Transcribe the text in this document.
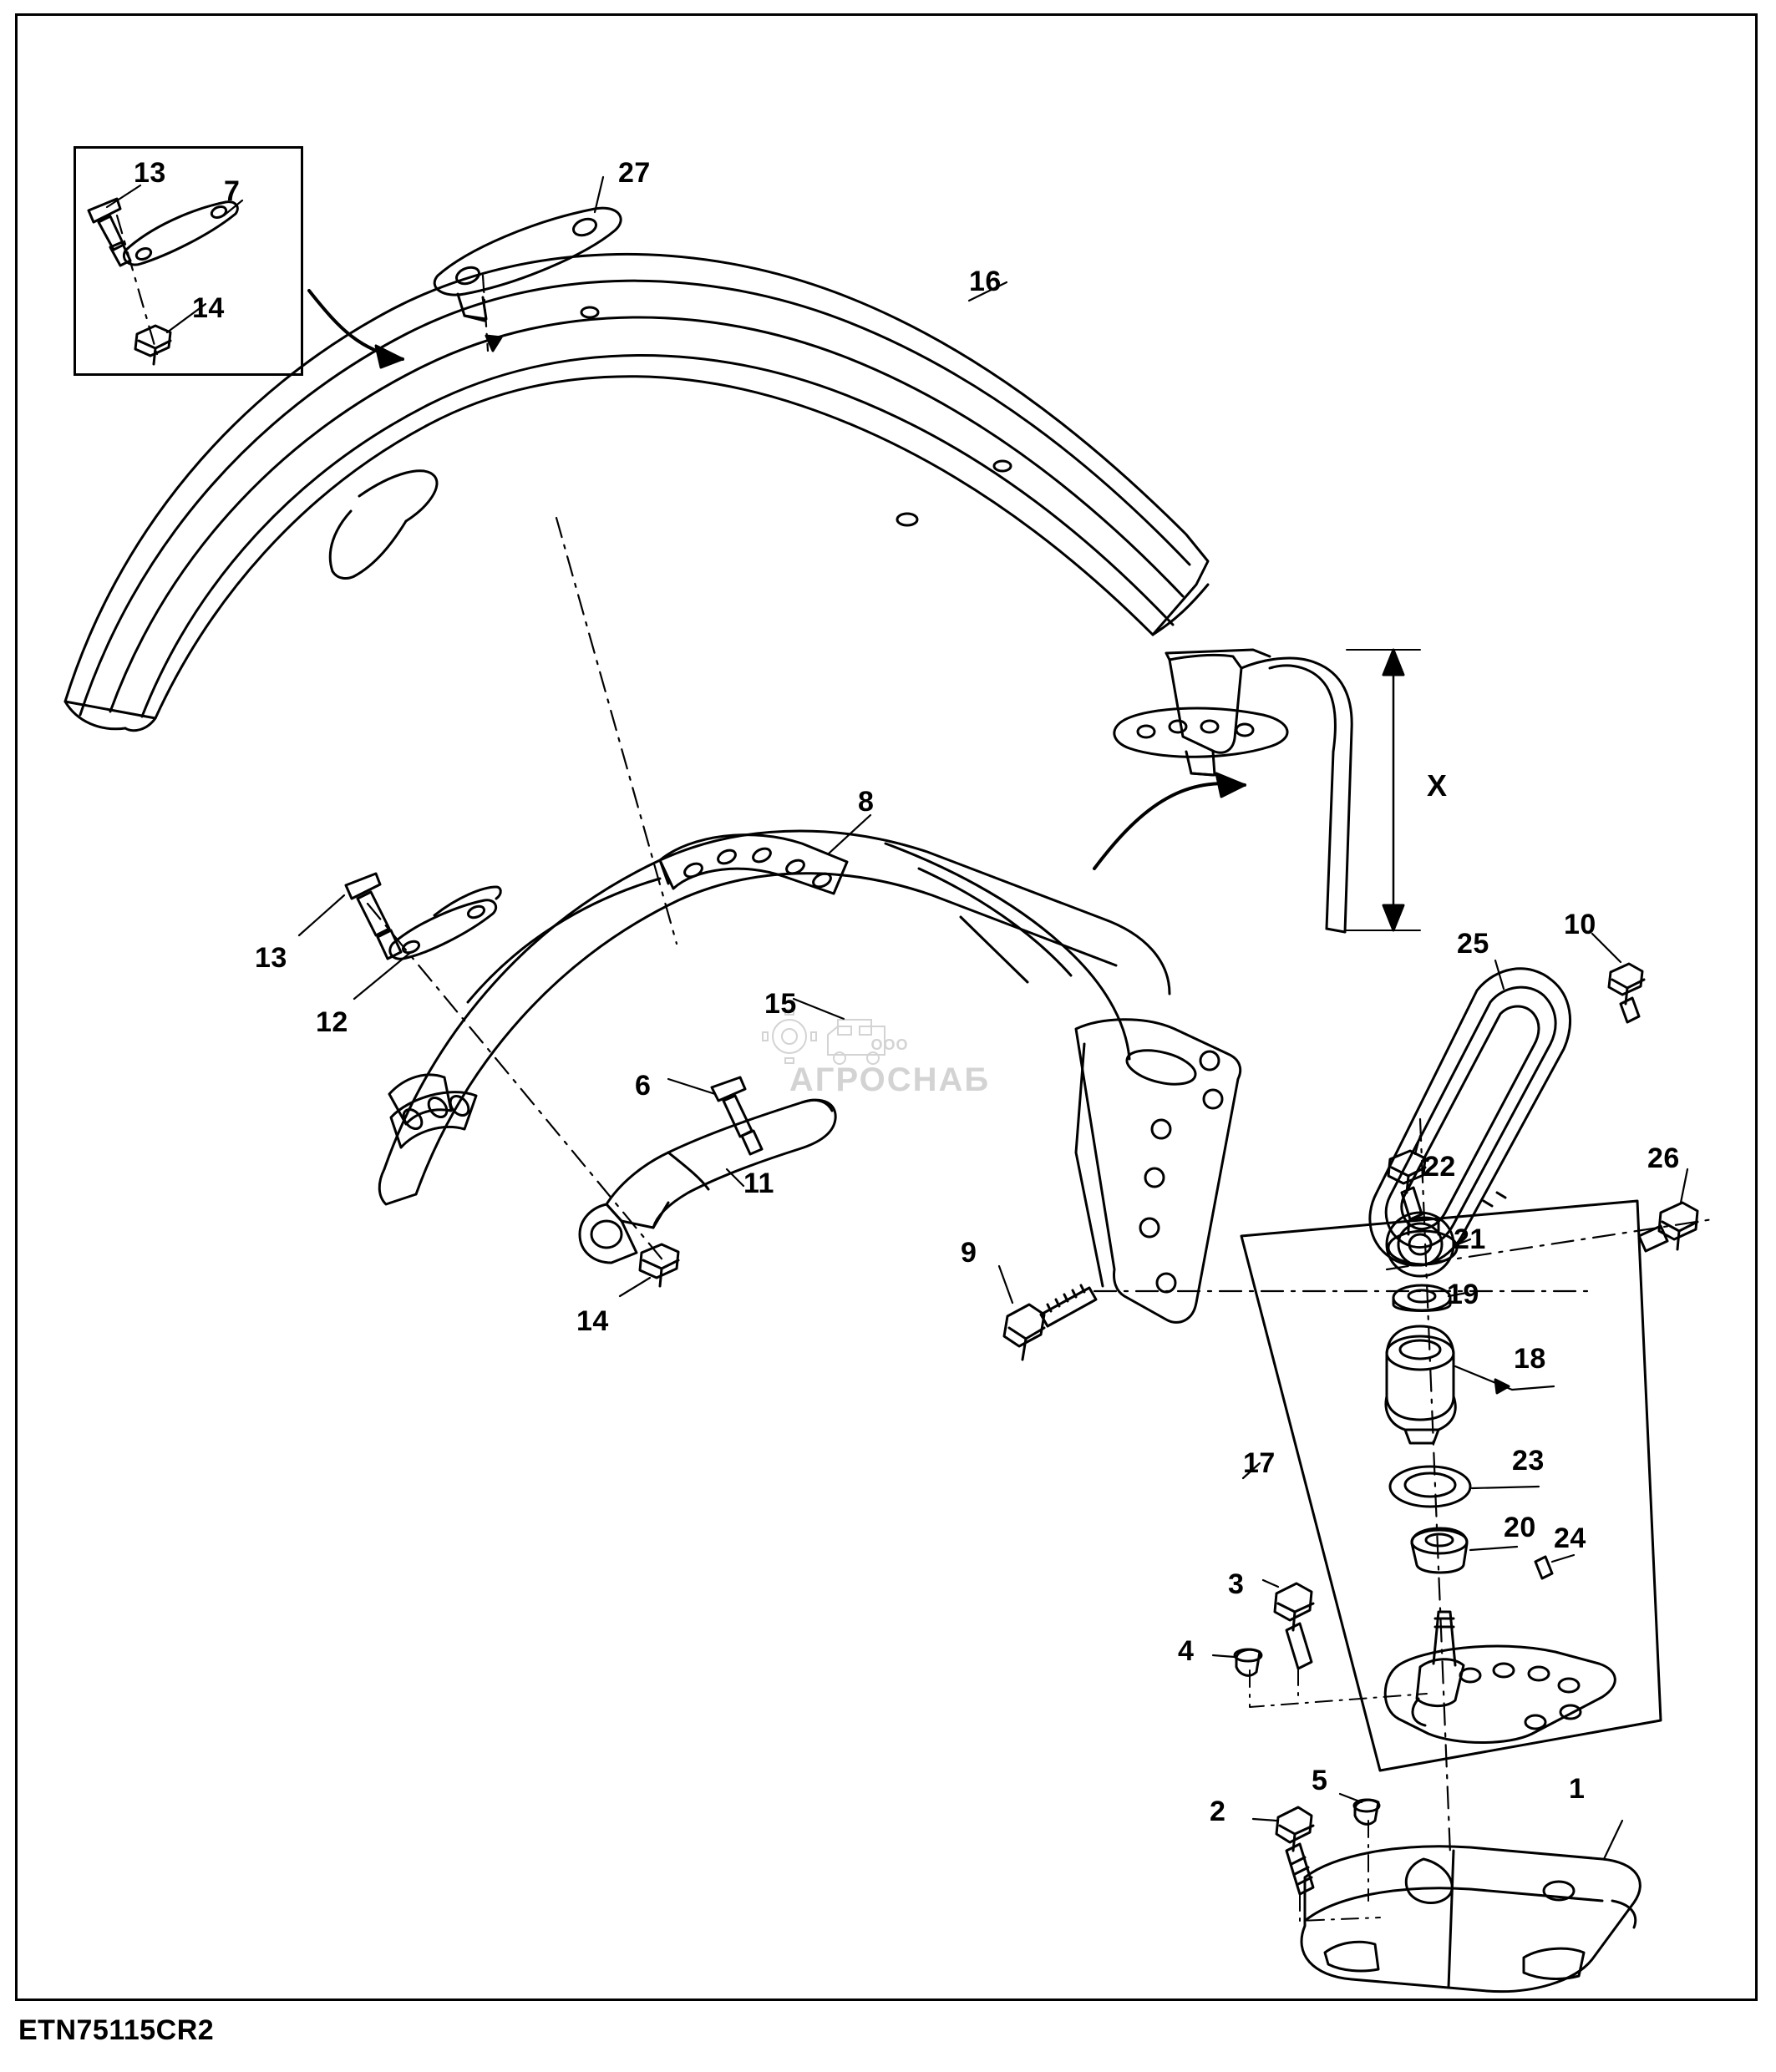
ООО
АГРОСНАБ
13
7
14
27
16
8
13
12
15
6
11
14
9
25
10
22
21
26
19
18
23
17
20 24
3
4
2
5	1
X
ETN75115CR2
